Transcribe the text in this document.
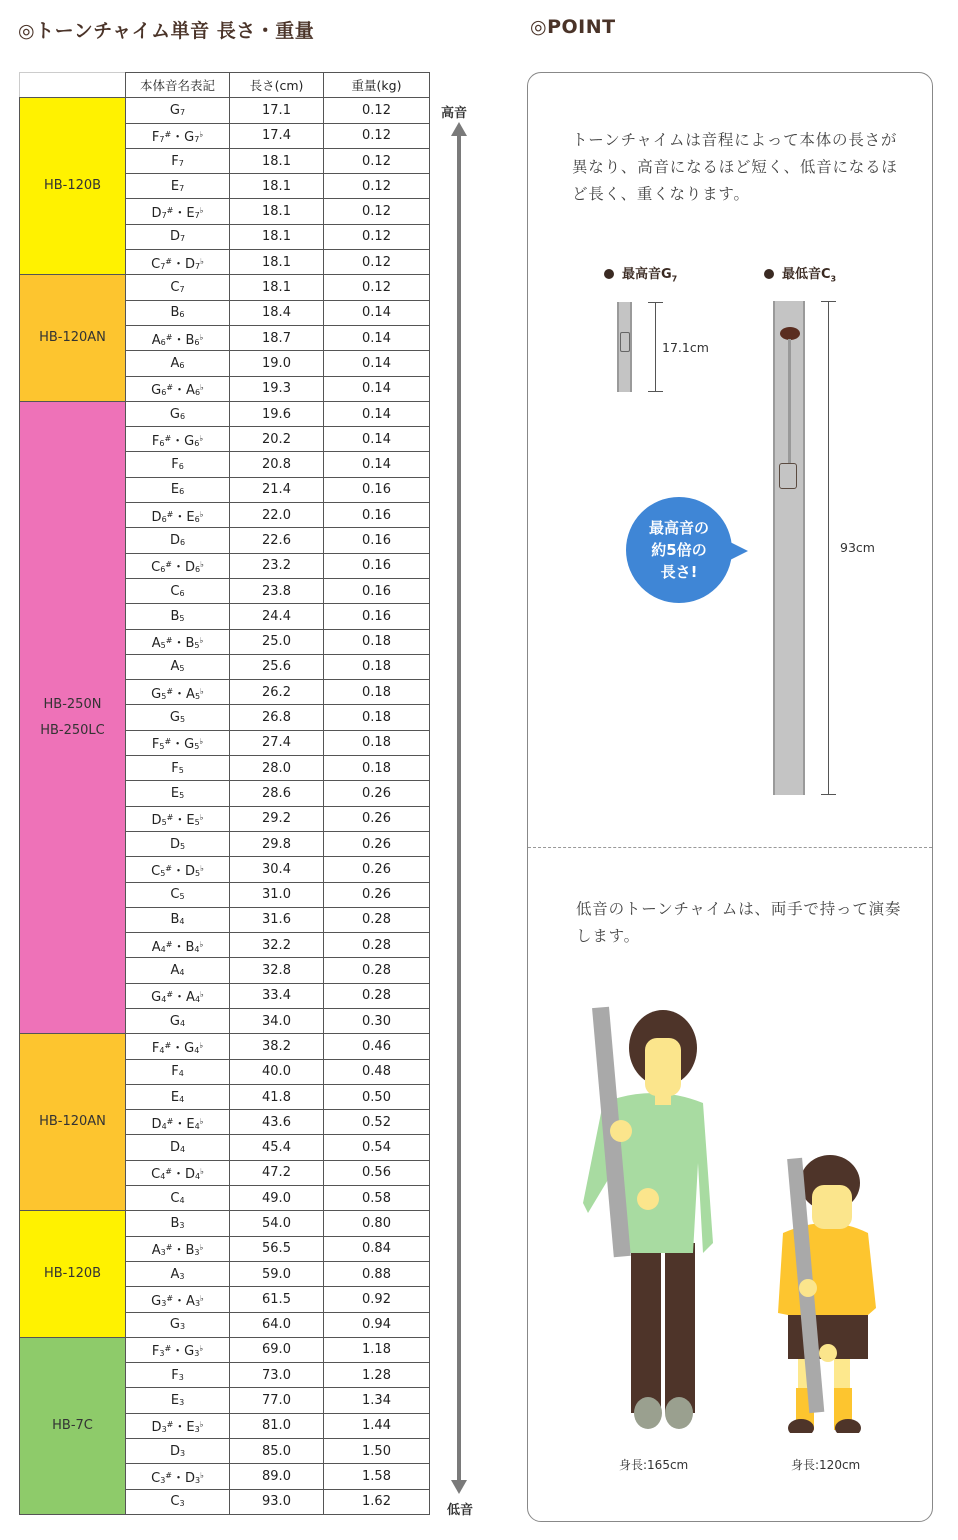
◎トーンチャイム単音 長さ・重量	◎POINT
	本体音名表記	長さ(cm)	重量(kg)

HB-120B	$G_7$	17.1	0.12
	$F_7^{\#}$・$G_7^♭$	17.4	0.12
	$F_7$	18.1	0.12
	$E_7$	18.1	0.12
	$D_7^{\#}$・$E_7^♭$	18.1	0.12
	$D_7$	18.1	0.12
	$C_7^{\#}$・$D_7^♭$	18.1	0.12

HB-120AN	$C_7$	18.1	0.12
	$B_6$	18.4	0.14
	$A_6^{\#}$・$B_6^♭$	18.7	0.14
	$A_6$	19.0	0.14
	$G_6^{\#}$・$A_6^♭$	19.3	0.14

HB-250N
HB-250LC	$G_6$	19.6	0.14
	$F_6^{\#}$・$G_6^♭$	20.2	0.14
	$F_6$	20.8	0.14
	$E_6$	21.4	0.16
	$D_6^{\#}$・$E_6^♭$	22.0	0.16
	$D_6$	22.6	0.16
	$C_6^{\#}$・$D_6^♭$	23.2	0.16
	$C_6$	23.8	0.16
	$B_5$	24.4	0.16
	$A_5^{\#}$・$B_5^♭$	25.0	0.18
	$A_5$	25.6	0.18
	$G_5^{\#}$・$A_5^♭$	26.2	0.18
	$G_5$	26.8	0.18
	$F_5^{\#}$・$G_5^♭$	27.4	0.18
	$F_5$	28.0	0.18
	$E_5$	28.6	0.26
	$D_5^{\#}$・$E_5^♭$	29.2	0.26
	$D_5$	29.8	0.26
	$C_5^{\#}$・$D_5^♭$	30.4	0.26
	$C_5$	31.0	0.26
	$B_4$	31.6	0.28
	$A_4^{\#}$・$B_4^♭$	32.2	0.28
	$A_4$	32.8	0.28
	$G_4^{\#}$・$A_4^♭$	33.4	0.28
	$G_4$	34.0	0.30

HB-120AN	$F_4^{\#}$・$G_4^♭$	38.2	0.46
	$F_4$	40.0	0.48
	$E_4$	41.8	0.50
	$D_4^{\#}$・$E_4^♭$	43.6	0.52
	$D_4$	45.4	0.54
	$C_4^{\#}$・$D_4^♭$	47.2	0.56
	$C_4$	49.0	0.58

HB-120B	$B_3$	54.0	0.80
	$A_3^{\#}$・$B_3^♭$	56.5	0.84
	$A_3$	59.0	0.88
	$G_3^{\#}$・$A_3^♭$	61.5	0.92
	$G_3$	64.0	0.94

HB-7C	$F_3^{\#}$・$G_3^♭$	69.0	1.18
	$F_3$	73.0	1.28
	$E_3$	77.0	1.34
	$D_3^{\#}$・$E_3^♭$	81.0	1.44
	$D_3$	85.0	1.50
	$C_3^{\#}$・$D_3^♭$	89.0	1.58
	$C_3$	93.0	1.62
高音
低音
トーンチャイムは音程によって本体の長さが異なり、高音になるほど短く、低音になるほど長く、重くなります。
最高音$G_7$	最低音$C_3$
17.1cm
93cm
最高音の
約5倍の
長さ!
低音のトーンチャイムは、両手で持って演奏します。
身長:165cm	身長:120cm
